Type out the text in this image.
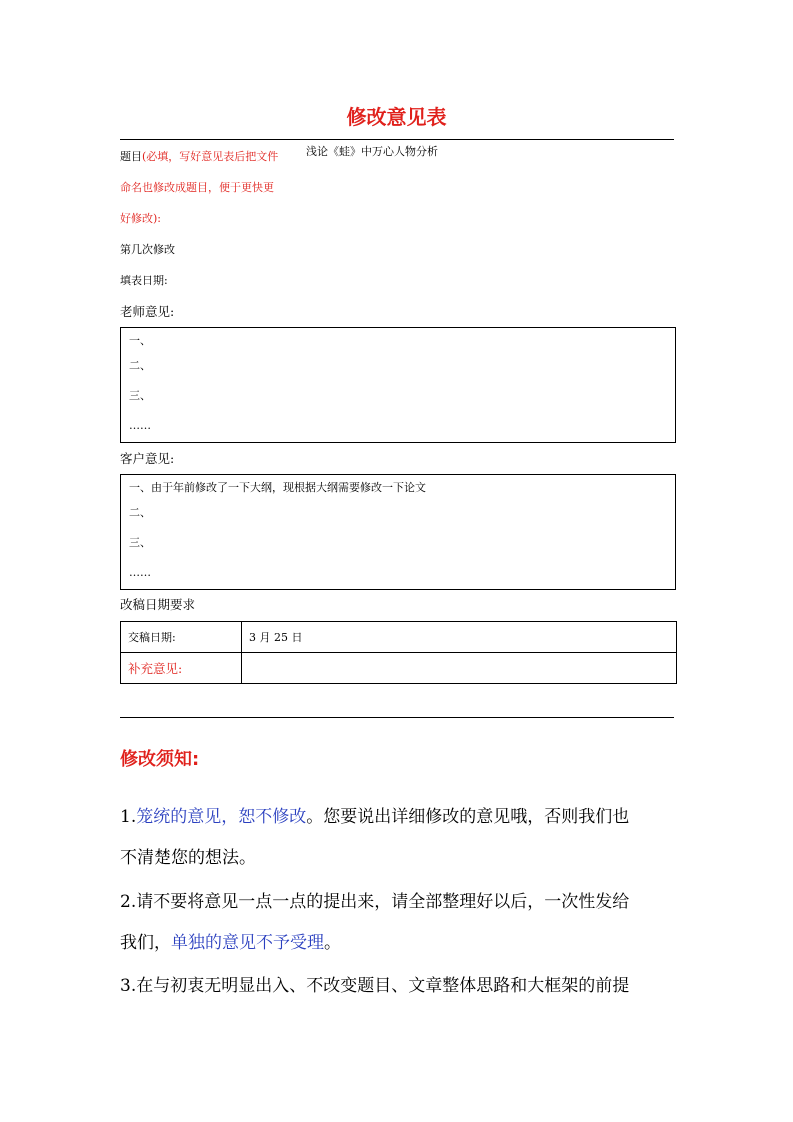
修改意见表
题目(必填，写好意见表后把文件
命名也修改成题目，便于更快更
好修改):
浅论《蛙》中万心人物分析
第几次修改
填表日期:
老师意见:
一、
二、
三、
……
客户意见:
一、由于年前修改了一下大纲，现根据大纲需要修改一下论文
二、
三、
……
改稿日期要求
交稿日期:	3 月 25 日
补充意见:	
修改须知:
1.笼统的意见，恕不修改。您要说出详细修改的意见哦，否则我们也
不清楚您的想法。
2.请不要将意见一点一点的提出来，请全部整理好以后，一次性发给
我们，单独的意见不予受理。
3.在与初衷无明显出入、不改变题目、文章整体思路和大框架的前提
